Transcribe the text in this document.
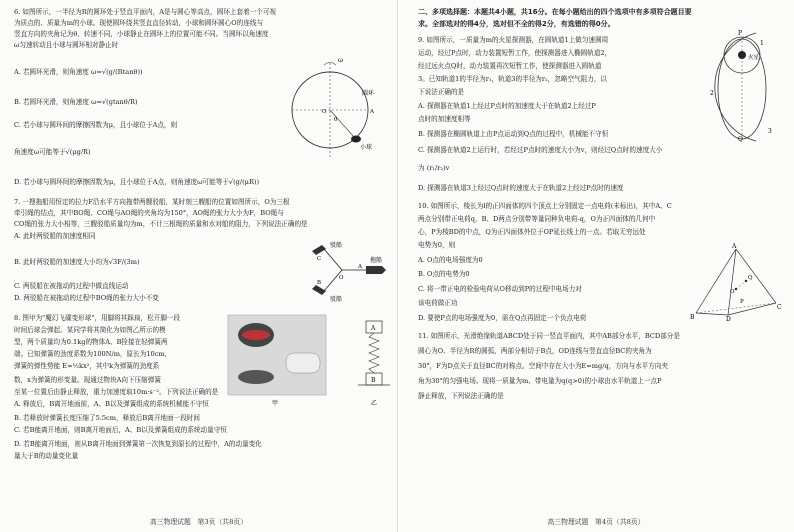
6. 如图所示，一半径为R的圆环处于竖直平面内，A是与圆心等高点，圆环上套着一个可视
为质点的、质量为m的小球。现使圆环绕其竖直直径转动，小球和圆环圆心O的连线与
竖直方向的夹角记为θ，转速不同，小球静止在圆环上的位置可能不同。当圆环以角速度
ω匀速转动且小球与圆环相对静止时
A. 若圆环光滑，则角速度 ω=√(g/(Rtanθ))
B. 若圆环光滑，则角速度 ω=√(gtanθ/R)
C. 若小球与圆环间的摩擦因数为μ，且小球位于A点，则
角速度ω可能等于√(μg/R)
D. 若小球与圆环间的摩擦因数为μ，且小球位于A点，则角速度ω可能等于√(g/(μR))
ω
O
θ
A
圆环
小球
7. 一搜拖船用恒定的拉力F沿水平方向拖带两艘驳船，某时刻三艘船的位置如图所示，O为三根
牵引绳的结点，其中BO绳、CO绳与AO绳的夹角均为150°，AO绳的张力大小为F，BO绳与
CO绳的张力大小相等，三艘驳船质量均为m，不计三根绳的质量和水对船的阻力，下列说法正确的是
A. 此时两驳船的加速度相同
B. 此时两驳船的加速度大小均为√3F/(3m)
C. 两驳船在被拖动的过程中做直线运动
D. 两驳船在被拖动的过程中BO绳的张力大小不变
驳船
驳船
拖船
C
O
A
B
8. 图甲为"魔幻飞碟变形球"，用脚将其踩扁，松开脚一段
时间后球会弹起。某同学将其简化为如图乙所示的模
型，两个质量均为0.1kg的物体A、B拴接在轻弹簧两
端。已知弹簧的劲度系数为100N/m，原长为10cm，
弹簧的弹性势能 E=½kx²，其中k为弹簧的劲度系
数，x为弹簧的形变量。现通过物块A向下压缩弹簧
至某一位置后由静止释放，重力加速度取10m·s⁻²。下列说法正确的是
A. 释放后，B离开地面前，A、B以及弹簧组成的系统机械能不守恒
B. 若释放时弹簧长度压缩了5.5cm，释放后B离开地面一段时间
C. 若B能离开地面，则B离开地面后，A、B以及弹簧组成的系统动量守恒
D. 若B能离开地面，则从B离开地面到弹簧第一次恢复到原长的过程中，A的动量变化
量大于B的动量变化量
甲
A
B
乙
高三物理试题　第3页（共8页）
二、多项选择题：本题共4小题，共16分。在每小题给出的四个选项中有多项符合题目要
求。全部选对的得4分，选对但不全的得2分，有选错的得0分。
9. 如图所示，一质量为m的火星探测器，在圆轨道1上做匀速圆周
运动，经过P点时，动力装置短暂工作，使探测器进入椭圆轨道2，
经过远火点Q时，动力装置再次短暂工作，使探测器进入圆轨道
3。已知轨道1的半径为r₁，轨道3的半径为r₂，忽略空气阻力，以
下说法正确的是
A. 探测器在轨道1上经过P点时的加速度大于在轨道2上经过P
点时的加速度相等
B. 探测器在椭圆轨道上由P点运动到Q点的过程中，机械能不守恒
C. 探测器在轨道2上运行时，若经过P点时的速度大小为v，则经过Q点时的速度大小
为 (r₁/r₂)v
D. 探测器在轨道3上经过Q点时的速度大于在轨道2上经过P点时的速度
P
Q
火星
1
2
3
10. 如图所示，棱长为l的正四面体的四个顶点上分别固定一点电荷(未标出)，其中A、C
两点分别带正电荷q，B、D两点分别带等量同种负电荷-q，O为正四面体的几何中
心，P为棱BD的中点，Q为正四面体外位于OP延长线上的一点。若取无穷远处
电势为0，则
A. O点的电场强度为0
B. O点的电势为0
C. 将一带正电的检验电荷从O移动到P的过程中电场力对
该电荷做正功
D. 要使P点的电场强度为0，需在Q点再固定一个负点电荷
A
B
C
D
O
P
Q
11. 如图所示，光滑绝缘轨道ABCD处于同一竖直平面内，其中AB部分水平，BCD部分是
圆心为O、半径为R的圆弧，两部分相切于B点，OD连线与竖直直径BC的夹角为
30°，F为D点关于直径BC的对称点。空间中存在大小为E=mg/q，方向与水平方向夹
角为30°的匀强电场。现将一质量为m、带电量为q(q>0)的小球由水平轨道上一点P
静止释放，下列说法正确的是
高三物理试题　第4页（共8页）
